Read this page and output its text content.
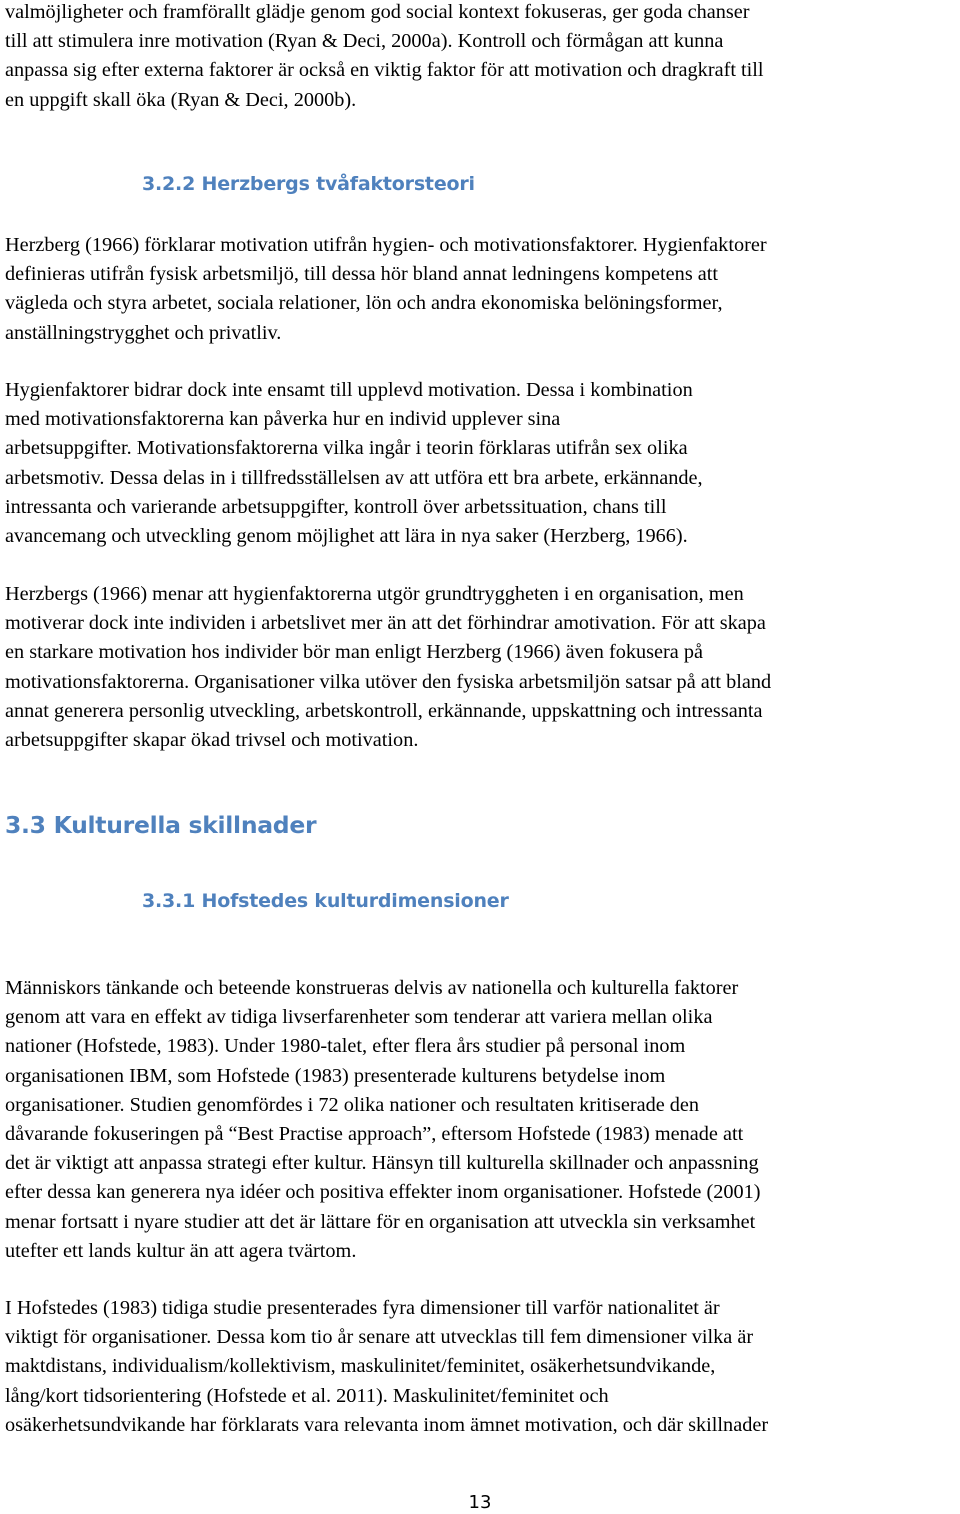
valmöjligheter och framförallt glädje genom god social kontext fokuseras, ger goda chanser
till att stimulera inre motivation (Ryan & Deci, 2000a). Kontroll och förmågan att kunna
anpassa sig efter externa faktorer är också en viktig faktor för att motivation och dragkraft till
en uppgift skall öka (Ryan & Deci, 2000b).
3.2.2 Herzbergs tvåfaktorsteori
Herzberg (1966) förklarar motivation utifrån hygien- och motivationsfaktorer. Hygienfaktorer
definieras utifrån fysisk arbetsmiljö, till dessa hör bland annat ledningens kompetens att
vägleda och styra arbetet, sociala relationer, lön och andra ekonomiska belöningsformer,
anställningstrygghet och privatliv.
Hygienfaktorer bidrar dock inte ensamt till upplevd motivation. Dessa i kombination
med motivationsfaktorerna kan påverka hur en individ upplever sina
arbetsuppgifter. Motivationsfaktorerna vilka ingår i teorin förklaras utifrån sex olika
arbetsmotiv. Dessa delas in i tillfredsställelsen av att utföra ett bra arbete, erkännande,
intressanta och varierande arbetsuppgifter, kontroll över arbetssituation, chans till
avancemang och utveckling genom möjlighet att lära in nya saker (Herzberg, 1966).
Herzbergs (1966) menar att hygienfaktorerna utgör grundtryggheten i en organisation, men
motiverar dock inte individen i arbetslivet mer än att det förhindrar amotivation. För att skapa
en starkare motivation hos individer bör man enligt Herzberg (1966) även fokusera på
motivationsfaktorerna. Organisationer vilka utöver den fysiska arbetsmiljön satsar på att bland
annat generera personlig utveckling, arbetskontroll, erkännande, uppskattning och intressanta
arbetsuppgifter skapar ökad trivsel och motivation.
3.3 Kulturella skillnader
3.3.1 Hofstedes kulturdimensioner
Människors tänkande och beteende konstrueras delvis av nationella och kulturella faktorer
genom att vara en effekt av tidiga livserfarenheter som tenderar att variera mellan olika
nationer (Hofstede, 1983). Under 1980-talet, efter flera års studier på personal inom
organisationen IBM, som Hofstede (1983) presenterade kulturens betydelse inom
organisationer. Studien genomfördes i 72 olika nationer och resultaten kritiserade den
dåvarande fokuseringen på “Best Practise approach”, eftersom Hofstede (1983) menade att
det är viktigt att anpassa strategi efter kultur. Hänsyn till kulturella skillnader och anpassning
efter dessa kan generera nya idéer och positiva effekter inom organisationer. Hofstede (2001)
menar fortsatt i nyare studier att det är lättare för en organisation att utveckla sin verksamhet
utefter ett lands kultur än att agera tvärtom.
I Hofstedes (1983) tidiga studie presenterades fyra dimensioner till varför nationalitet är
viktigt för organisationer. Dessa kom tio år senare att utvecklas till fem dimensioner vilka är
maktdistans, individualism/kollektivism, maskulinitet/feminitet, osäkerhetsundvikande,
lång/kort tidsorientering (Hofstede et al. 2011). Maskulinitet/feminitet och
osäkerhetsundvikande har förklarats vara relevanta inom ämnet motivation, och där skillnader

13
